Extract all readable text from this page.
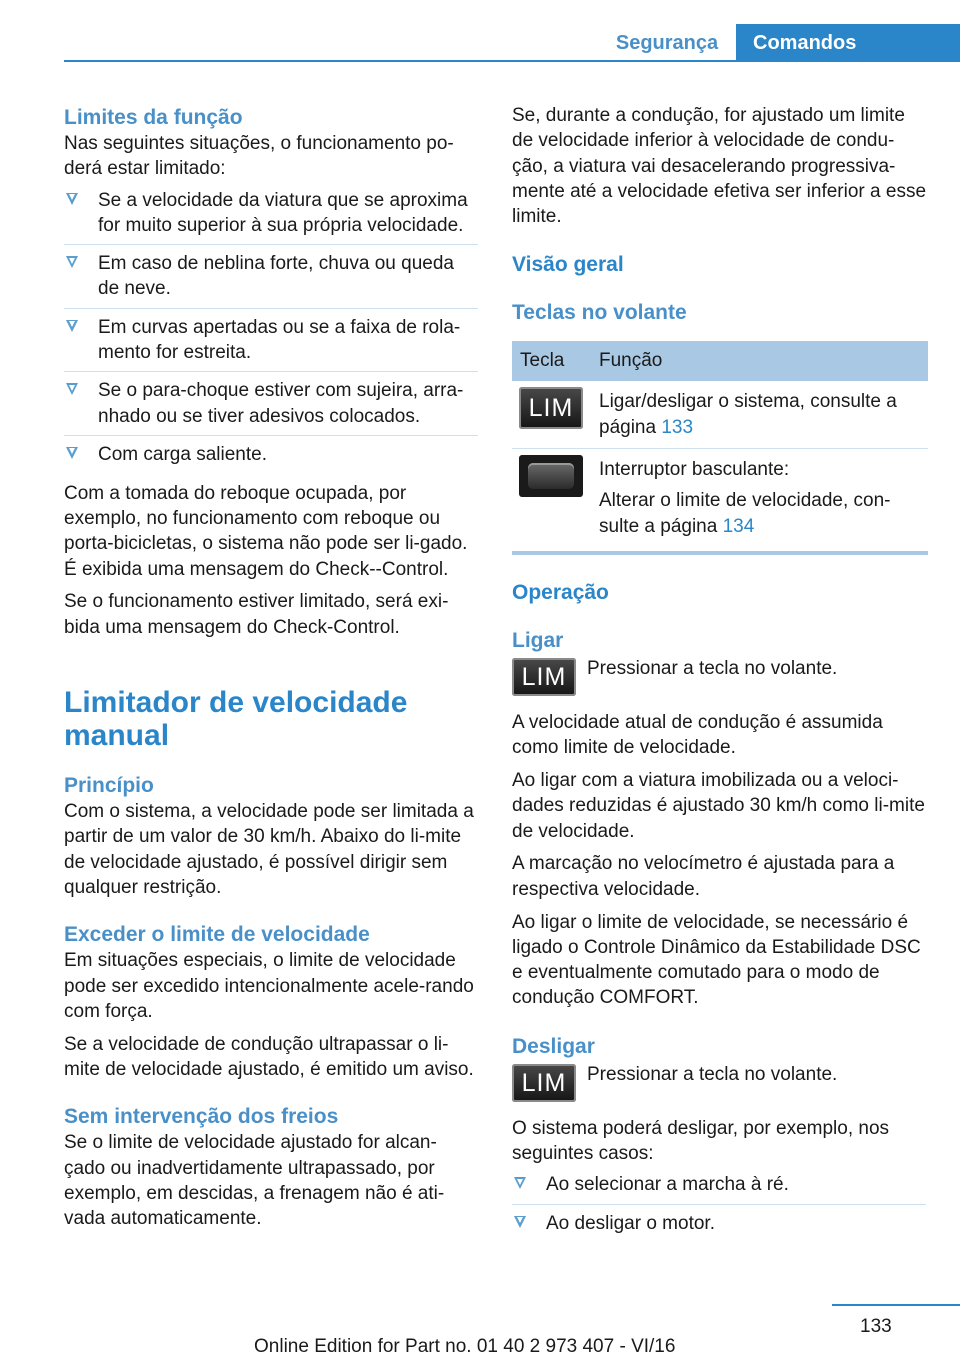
Segurança	Comandos
Limites da função
Nas seguintes situações, o funcionamento po-derá estar limitado:
Se a velocidade da viatura que se aproxima for muito superior à sua própria velocidade.
Em caso de neblina forte, chuva ou queda de neve.
Em curvas apertadas ou se a faixa de rola-mento for estreita.
Se o para-choque estiver com sujeira, arra-nhado ou se tiver adesivos colocados.
Com carga saliente.
Com a tomada do reboque ocupada, por exemplo, no funcionamento com reboque ou porta-bicicletas, o sistema não pode ser li-gado. É exibida uma mensagem do Check--Control.
Se o funcionamento estiver limitado, será exi-bida uma mensagem do Check-Control.
Limitador de velocidade manual
Princípio
Com o sistema, a velocidade pode ser limitada a partir de um valor de 30 km/h. Abaixo do li-mite de velocidade ajustado, é possível dirigir sem qualquer restrição.
Exceder o limite de velocidade
Em situações especiais, o limite de velocidade pode ser excedido intencionalmente acele-rando com força.
Se a velocidade de condução ultrapassar o li-mite de velocidade ajustado, é emitido um aviso.
Sem intervenção dos freios
Se o limite de velocidade ajustado for alcan-çado ou inadvertidamente ultrapassado, por exemplo, em descidas, a frenagem não é ati-vada automaticamente.
Se, durante a condução, for ajustado um limite de velocidade inferior à velocidade de condu-ção, a viatura vai desacelerando progressiva-mente até a velocidade efetiva ser inferior a esse limite.
Visão geral
Teclas no volante
Tecla	Função
LIM	Ligar/desligar o sistema, consulte a página 133

	Interruptor basculante:
Alterar o limite de velocidade, con-sulte a página 134
Operação
Ligar
LIM	Pressionar a tecla no volante.
A velocidade atual de condução é assumida como limite de velocidade.
Ao ligar com a viatura imobilizada ou a veloci-dades reduzidas é ajustado 30 km/h como li-mite de velocidade.
A marcação no velocímetro é ajustada para a respectiva velocidade.
Ao ligar o limite de velocidade, se necessário é ligado o Controle Dinâmico da Estabilidade DSC e eventualmente comutado para o modo de condução COMFORT.
Desligar
LIM	Pressionar a tecla no volante.
O sistema poderá desligar, por exemplo, nos seguintes casos:
Ao selecionar a marcha à ré.
Ao desligar o motor.
133
Online Edition for Part no. 01 40 2 973 407 - VI/16
